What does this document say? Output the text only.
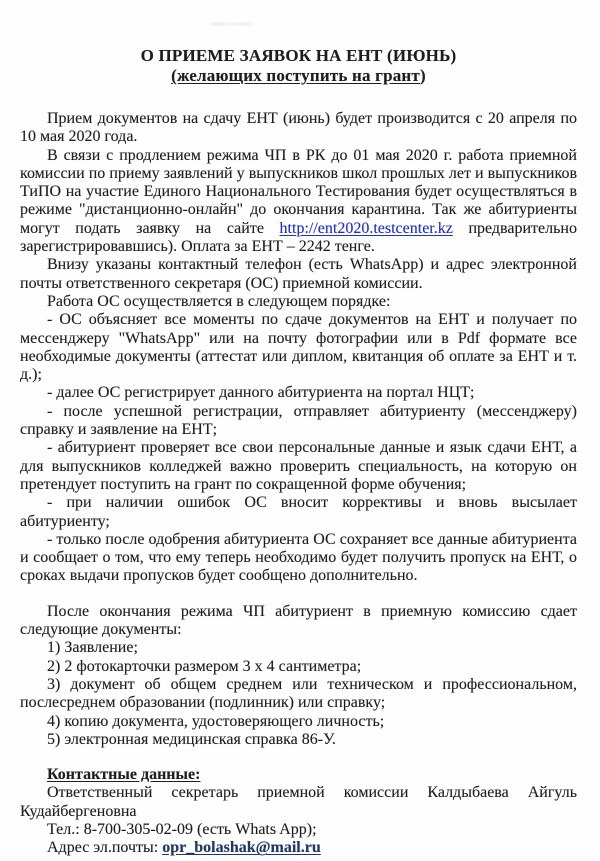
О ПРИЕМЕ ЗАЯВОК НА ЕНТ (ИЮНЬ)
(желающих поступить на грант)

Прием документов на сдачу ЕНТ (июнь) будет производится с 20 апреля по 10 мая 2020 года.

В связи с продлением режима ЧП в РК до 01 мая 2020 г. работа приемной комиссии по приему заявлений у выпускников школ прошлых лет и выпускников ТиПО на участие Единого Национального Тестирования будет осуществляться в режиме "дистанционно-онлайн" до окончания карантина. Так же абитуриенты могут подать заявку на сайте http://ent2020.testcenter.kz предварительно зарегистрировавшись). Оплата за ЕНТ – 2242 тенге.

Внизу указаны контактный телефон (есть WhatsApp) и адрес электронной почты ответственного секретаря (ОС) приемной комиссии.

Работа ОС осуществляется в следующем порядке:

- ОС объясняет все моменты по сдаче документов на ЕНТ и получает по мессенджеру "WhatsApp" или на почту фотографии или в Pdf формате все необходимые документы (аттестат или диплом, квитанция об оплате за ЕНТ и т. д.);

- далее ОС регистрирует данного абитуриента на портал НЦТ;

- после успешной регистрации, отправляет абитуриенту (мессенджеру) справку и заявление на ЕНТ;

- абитуриент проверяет все свои персональные данные и язык сдачи ЕНТ, а для выпускников колледжей важно проверить специальность, на которую он претендует поступить на грант по сокращенной форме обучения;

- при наличии ошибок ОС вносит коррективы и вновь высылает абитуриенту;

- только после одобрения абитуриента ОС сохраняет все данные абитуриента и сообщает о том, что ему теперь необходимо будет получить пропуск на ЕНТ, о сроках выдачи пропусков будет сообщено дополнительно.

После окончания режима ЧП абитуриент в приемную комиссию сдает следующие документы:

1) Заявление;

2) 2 фотокарточки размером 3 х 4 сантиметра;

3) документ об общем среднем или техническом и профессиональном, послесреднем образовании (подлинник) или справку;

4) копию документа, удостоверяющего личность;

5) электронная медицинская справка 86-У.

Контактные данные:

Ответственный секретарь приемной комиссии Калдыбаева Айгуль Кудайбергеновна

Тел.: 8-700-305-02-09 (есть Whats App);

Адрес эл.почты: opr_bolashak@mail.ru
